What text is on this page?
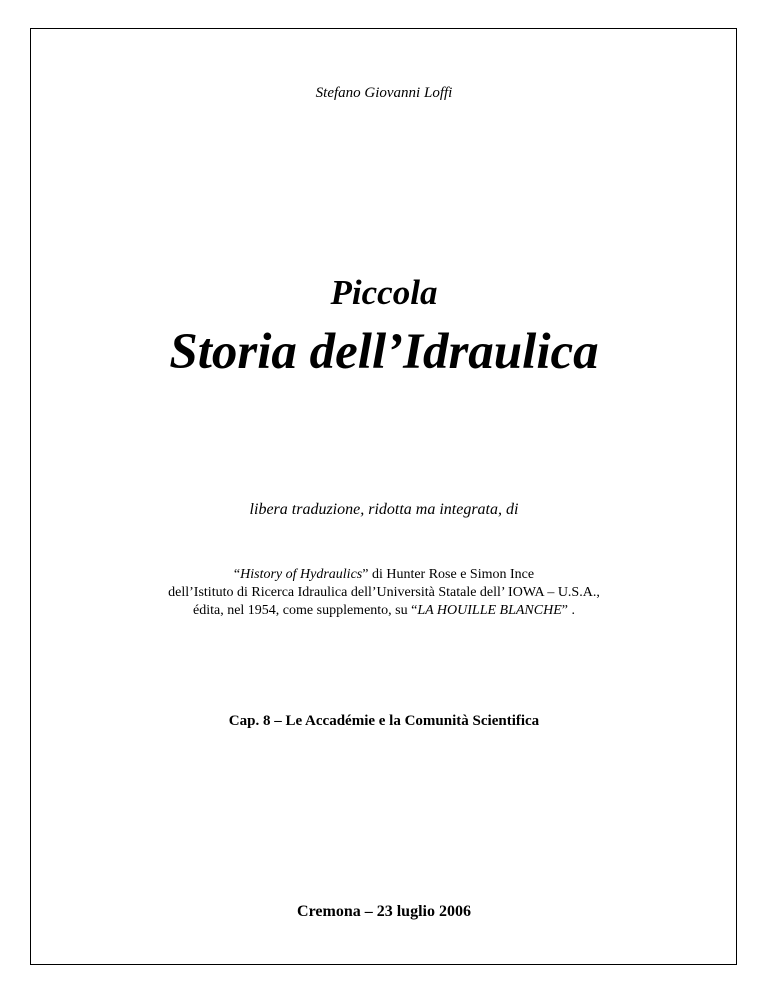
Stefano Giovanni Loffi
Piccola
Storia dell’Idraulica
libera traduzione, ridotta ma integrata, di
“History of Hydraulics” di Hunter Rose e Simon Ince
dell’Istituto di Ricerca Idraulica dell’Università Statale dell’ IOWA – U.S.A.,
édita, nel 1954, come supplemento, su “LA HOUILLE BLANCHE” .
Cap. 8 – Le Accadémie e la Comunità Scientifica
Cremona – 23 luglio 2006
